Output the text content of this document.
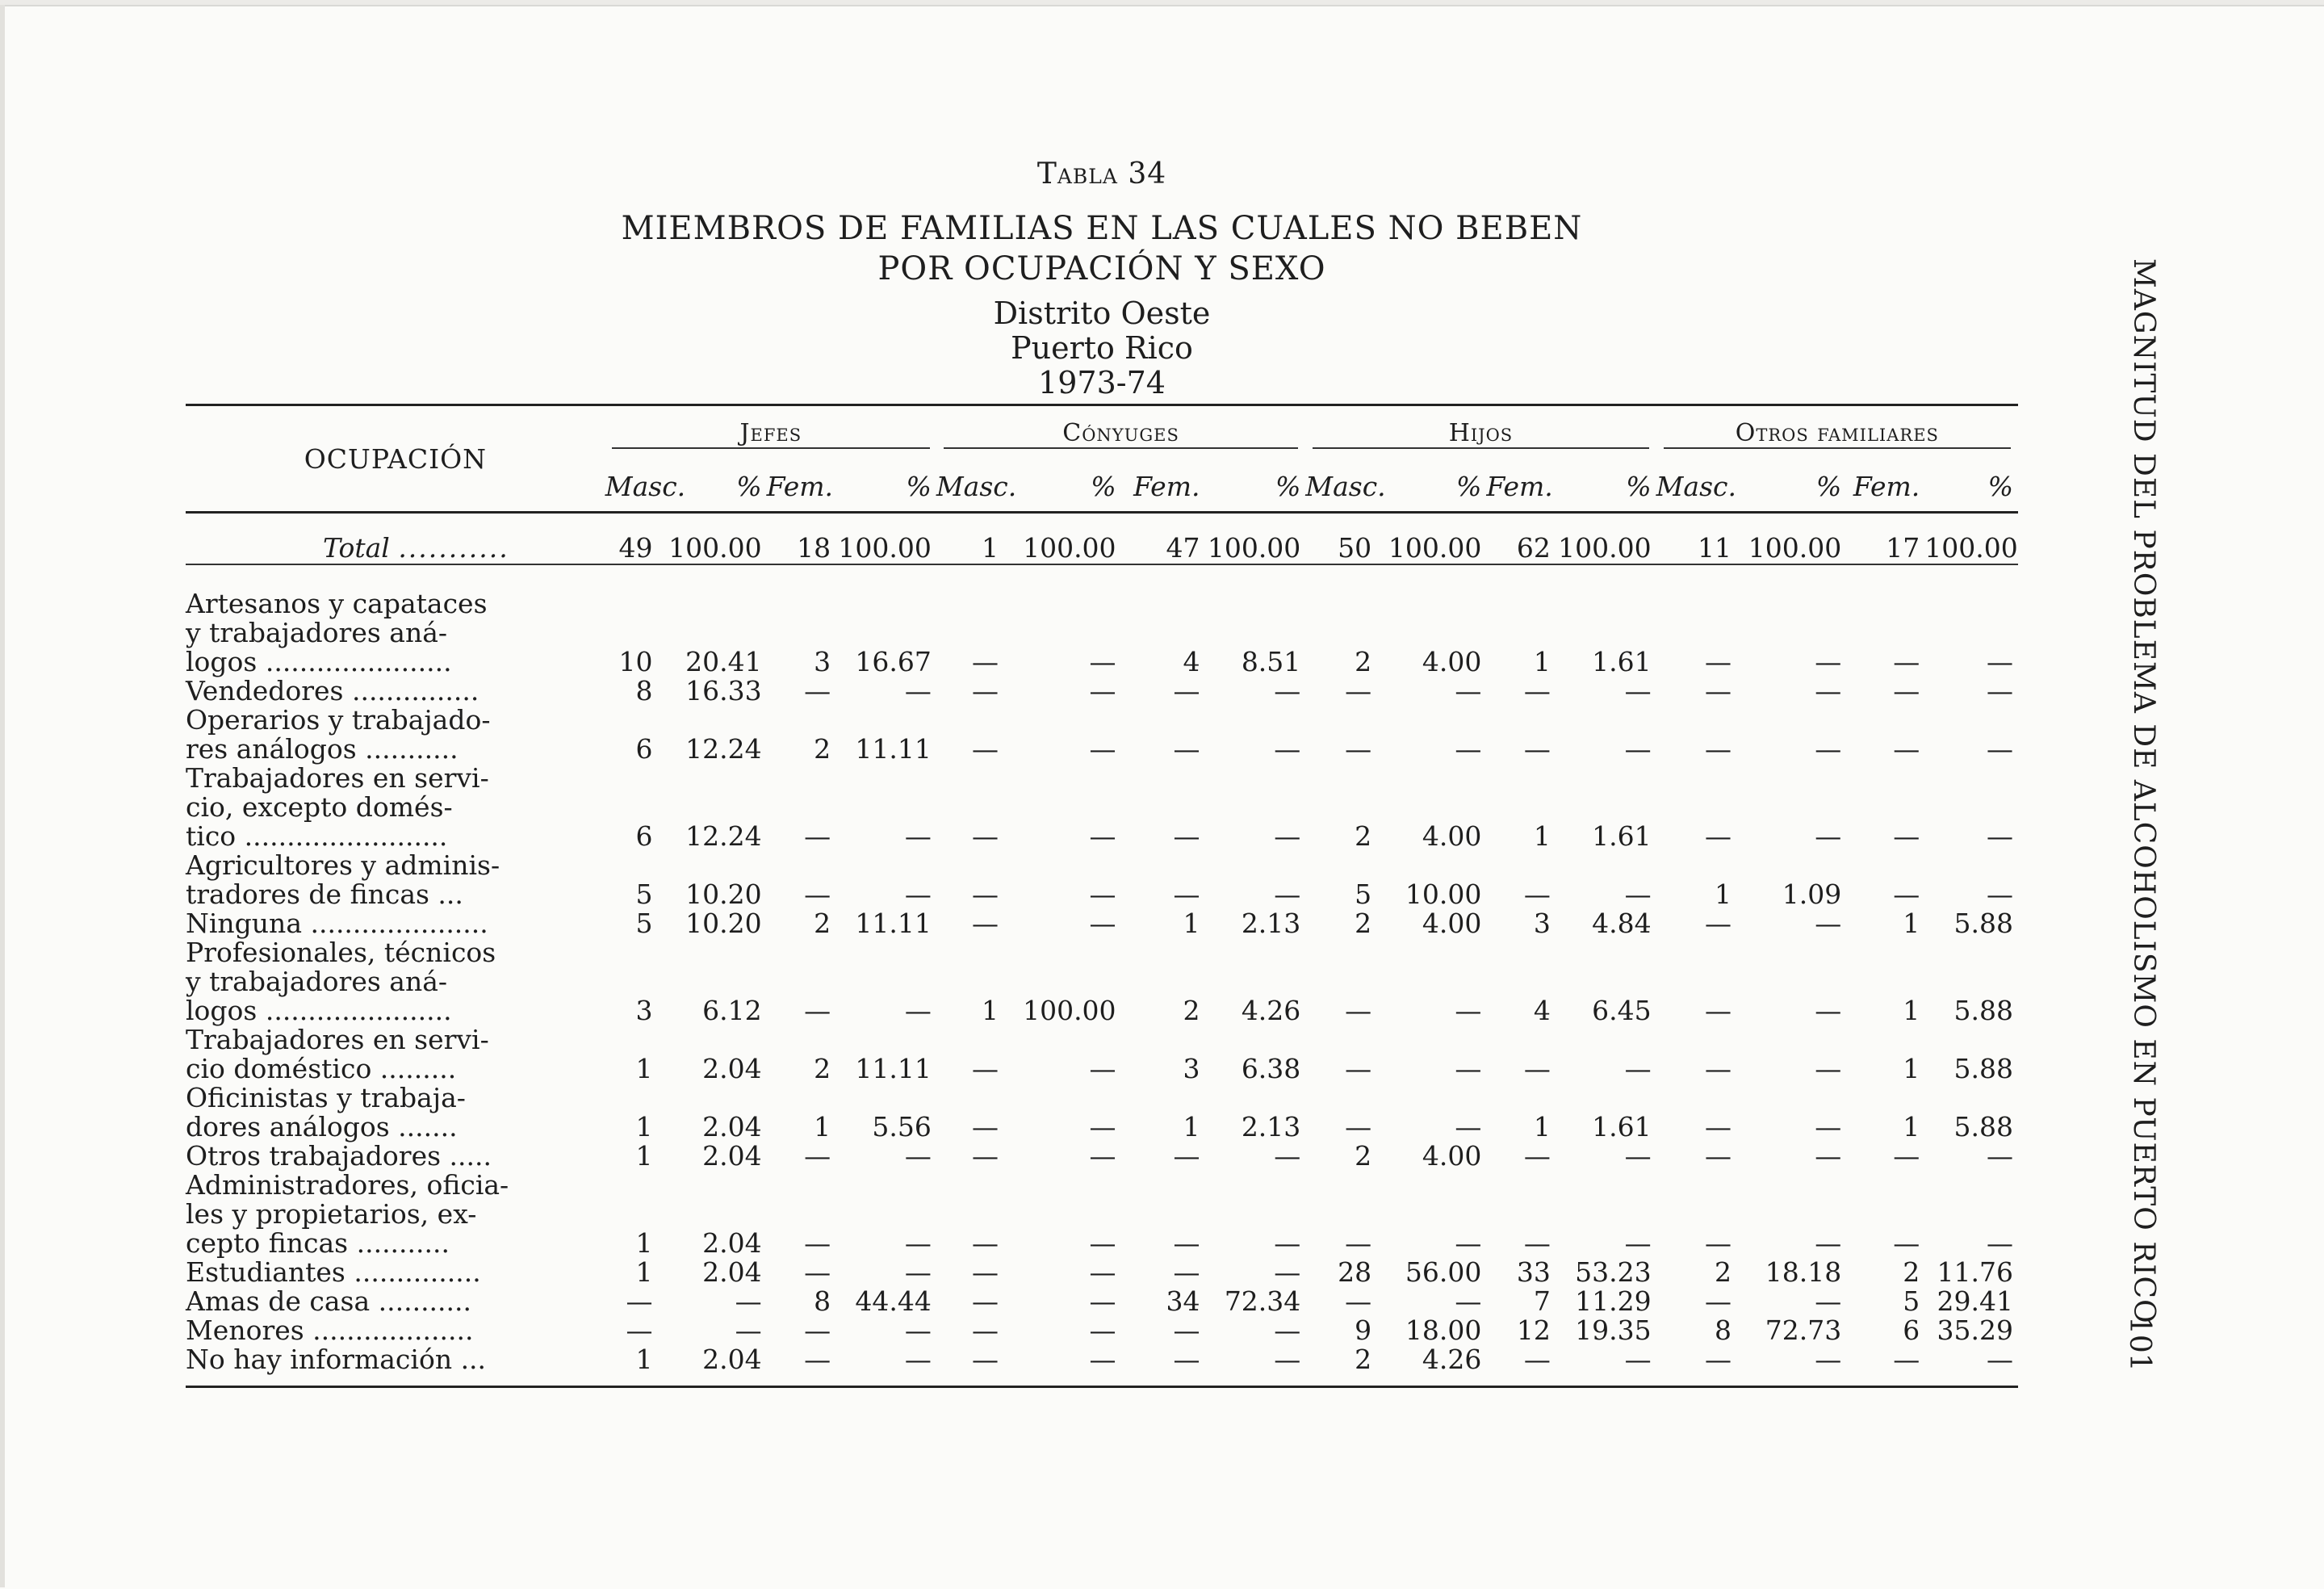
Tabla 34
MIEMBROS DE FAMILIAS EN LAS CUALES NO BEBEN
POR OCUPACIÓN Y SEXO
Distrito Oeste
Puerto Rico
1973-74
OCUPACIÓN	Jefes				Cónyuges				Hijos				Otros familiares			
	Masc.	%	Fem.	%	Masc.	%	Fem.	%	Masc.	%	Fem.	%	Masc.	%	Fem.	%
Total ...........	49	100.00	18	100.00	1	100.00	47	100.00	50	100.00	62	100.00	11	100.00	17	100.00

Artesanos y capataces
y trabajadores aná-
logos ......................	10	20.41	3	16.67	—	—	4	8.51	2	4.00	1	1.61	—	—	—	—

Vendedores ...............	8	16.33	—	—	—	—	—	—	—	—	—	—	—	—	—	—

Operarios y trabajado-
res análogos ...........	6	12.24	2	11.11	—	—	—	—	—	—	—	—	—	—	—	—

Trabajadores en servi-
cio, excepto domés-
tico ........................	6	12.24	—	—	—	—	—	—	2	4.00	1	1.61	—	—	—	—

Agricultores y adminis-
tradores de fincas ...	5	10.20	—	—	—	—	—	—	5	10.00	—	—	1	1.09	—	—

Ninguna .....................	5	10.20	2	11.11	—	—	1	2.13	2	4.00	3	4.84	—	—	1	5.88

Profesionales, técnicos
y trabajadores aná-
logos ......................	3	6.12	—	—	1	100.00	2	4.26	—	—	4	6.45	—	—	1	5.88

Trabajadores en servi-
cio doméstico .........	1	2.04	2	11.11	—	—	3	6.38	—	—	—	—	—	—	1	5.88

Oficinistas y trabaja-
dores análogos .......	1	2.04	1	5.56	—	—	1	2.13	—	—	1	1.61	—	—	1	5.88

Otros trabajadores .....	1	2.04	—	—	—	—	—	—	2	4.00	—	—	—	—	—	—

Administradores, oficia-
les y propietarios, ex-
cepto fincas ...........	1	2.04	—	—	—	—	—	—	—	—	—	—	—	—	—	—

Estudiantes ...............	1	2.04	—	—	—	—	—	—	28	56.00	33	53.23	2	18.18	2	11.76

Amas de casa ...........	—	—	8	44.44	—	—	34	72.34	—	—	7	11.29	—	—	5	29.41

Menores ...................	—	—	—	—	—	—	—	—	9	18.00	12	19.35	8	72.73	6	35.29

No hay información ...	1	2.04	—	—	—	—	—	—	2	4.26	—	—	—	—	—	—

MAGNITUD DEL PROBLEMA DE ALCOHOLISMO EN PUERTO RICO
101
